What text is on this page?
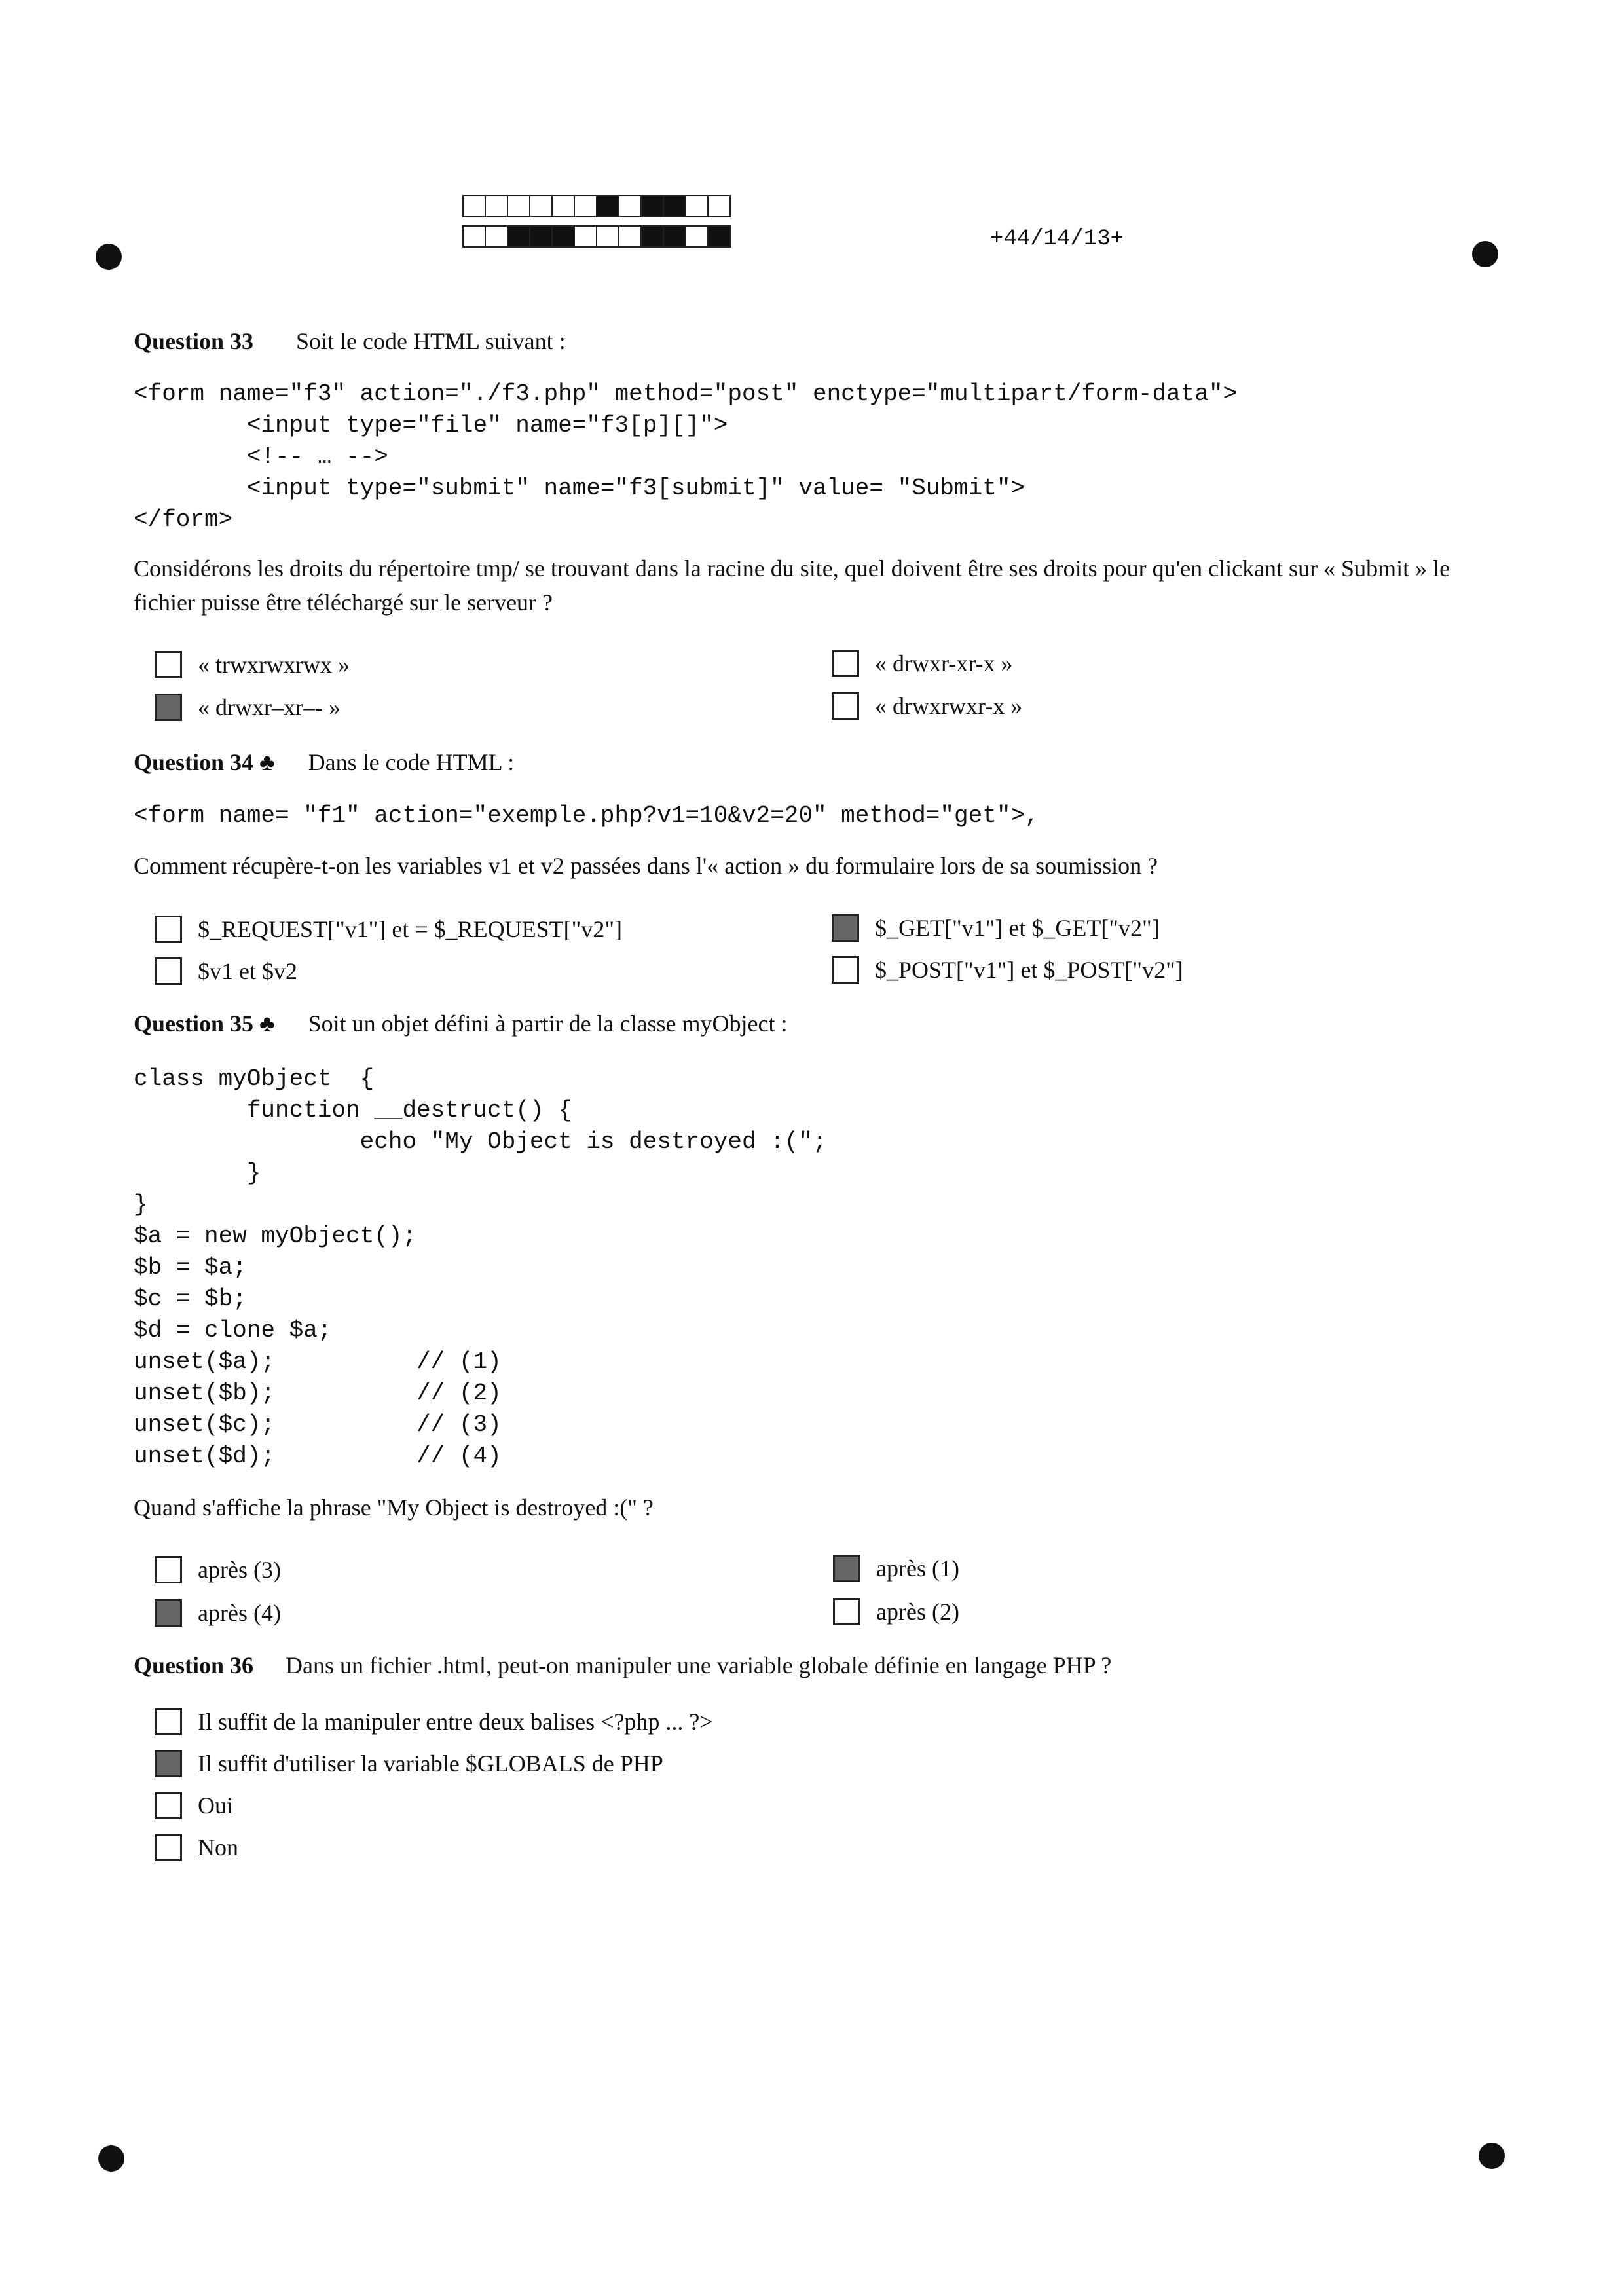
+44/14/13+
Question 33 Soit le code HTML suivant :
<form name="f3" action="./f3.php" method="post" enctype="multipart/form-data">
<input type="file" name="f3[p][]">
<!-- … -->
<input type="submit" name="f3[submit]" value= "Submit">
</form>
Considérons les droits du répertoire tmp/ se trouvant dans la racine du site, quel doivent être ses droits pour qu'en clickant sur « Submit » le fichier puisse être téléchargé sur le serveur ?
« trwxrwxrwx »
« drwxr–xr–- »
« drwxr-xr-x »
« drwxrwxr-x »
Question 34 ♣ Dans le code HTML :
<form name= "f1" action="exemple.php?v1=10&v2=20" method="get">,
Comment récupère-t-on les variables v1 et v2 passées dans l'« action » du formulaire lors de sa soumission ?
$_REQUEST["v1"] et = $_REQUEST["v2"]
$v1 et $v2
$_GET["v1"] et $_GET["v2"]
$_POST["v1"] et $_POST["v2"]
Question 35 ♣ Soit un objet défini à partir de la classe myObject :
class myObject  {
function __destruct() {
echo "My Object is destroyed :(";
}
}
$a = new myObject();
$b = $a;
$c = $b;
$d = clone $a;
unset($a);          // (1)
unset($b);          // (2)
unset($c);          // (3)
unset($d);          // (4)
Quand s'affiche la phrase "My Object is destroyed :(" ?
après (3)
après (4)
après (1)
après (2)
Question 36 Dans un fichier .html, peut-on manipuler une variable globale définie en langage PHP ?
Il suffit de la manipuler entre deux balises <?php ... ?>
Il suffit d'utiliser la variable $GLOBALS de PHP
Oui
Non
